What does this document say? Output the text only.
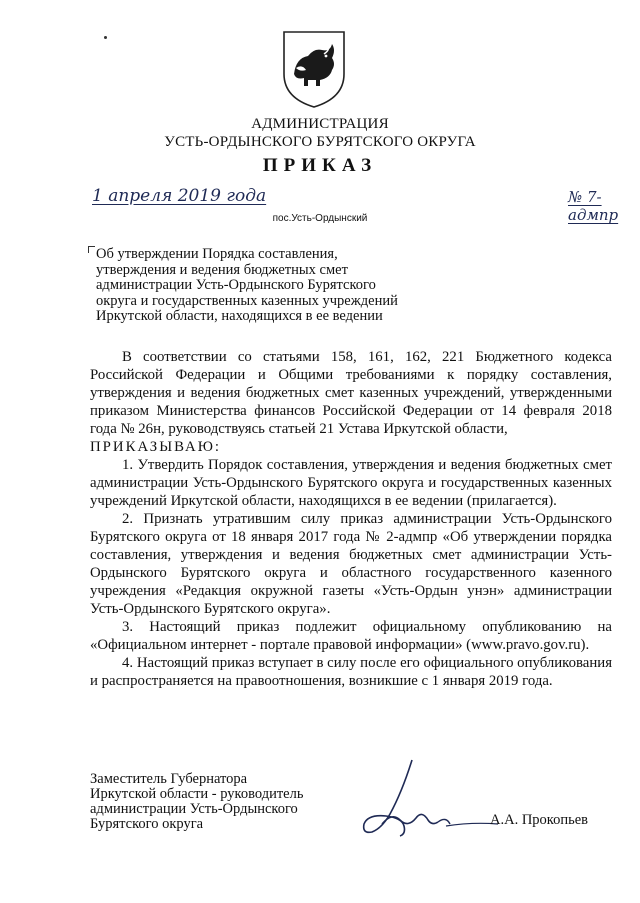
АДМИНИСТРАЦИЯ
УСТЬ-ОРДЫНСКОГО БУРЯТСКОГО ОКРУГА
ПРИКАЗ
1 апреля 2019 года	№ 7-адмпр
пос.Усть-Ордынский
Об утверждении Порядка составления,
утверждения и ведения бюджетных смет
администрации Усть-Ордынского Бурятского
округа и государственных казенных учреждений
Иркутской области, находящихся в ее ведении

В соответствии со статьями 158, 161, 162, 221 Бюджетного кодекса Российской Федерации и Общими требованиями к порядку составления, утверждения и ведения бюджетных смет казенных учреждений, утвержденными приказом Министерства финансов Российской Федерации от 14 февраля 2018 года № 26н, руководствуясь статьей 21 Устава Иркутской области,

ПРИКАЗЫВАЮ:

1. Утвердить Порядок составления, утверждения и ведения бюджетных смет администрации Усть-Ордынского Бурятского округа и государственных казенных учреждений Иркутской области, находящихся в ее ведении (прилагается).

2. Признать утратившим силу приказ администрации Усть-Ордынского Бурятского округа от 18 января 2017 года № 2-адмпр «Об утверждении порядка составления, утверждения и ведения бюджетных смет администрации Усть-Ордынского Бурятского округа и областного государственного казенного учреждения «Редакция окружной газеты «Усть-Ордын унэн» администрации Усть-Ордынского Бурятского округа».

3. Настоящий приказ подлежит официальному опубликованию на «Официальном интернет - портале правовой информации» (www.pravo.gov.ru).

4. Настоящий приказ вступает в силу после его официального опубликования и распространяется на правоотношения, возникшие с 1 января 2019 года.

Заместитель Губернатора
Иркутской области - руководитель
администрации Усть-Ордынского
Бурятского округа	А.А. Прокопьев
